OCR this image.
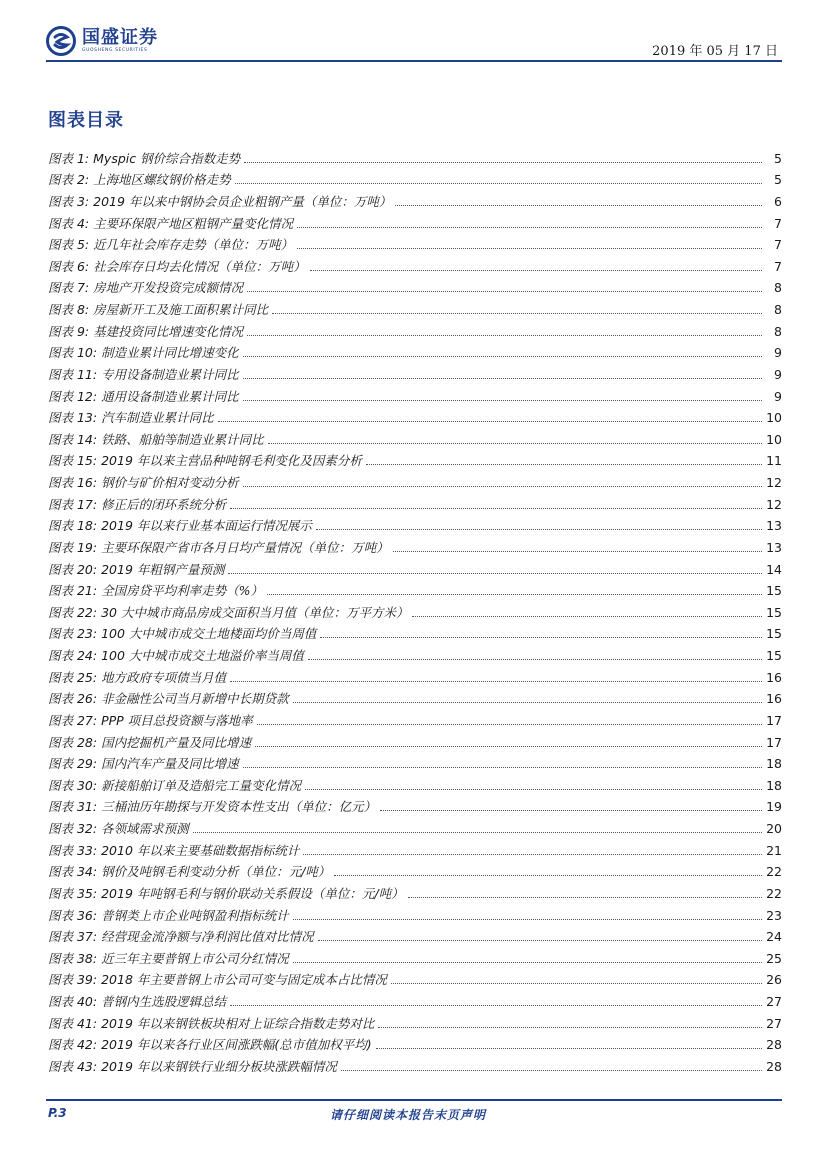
国盛证券
GUOSHENG SECURITIES	2019 年 05 月 17 日
图表目录
图表 1: Myspic 钢价综合指数走势	5
图表 2: 上海地区螺纹钢价格走势	5
图表 3: 2019 年以来中钢协会员企业粗钢产量（单位：万吨）	6
图表 4: 主要环保限产地区粗钢产量变化情况	7
图表 5: 近几年社会库存走势（单位：万吨）	7
图表 6: 社会库存日均去化情况（单位：万吨）	7
图表 7: 房地产开发投资完成额情况	8
图表 8: 房屋新开工及施工面积累计同比	8
图表 9: 基建投资同比增速变化情况	8
图表 10: 制造业累计同比增速变化	9
图表 11: 专用设备制造业累计同比	9
图表 12: 通用设备制造业累计同比	9
图表 13: 汽车制造业累计同比	10
图表 14: 铁路、船舶等制造业累计同比	10
图表 15: 2019 年以来主营品种吨钢毛利变化及因素分析	11
图表 16: 钢价与矿价相对变动分析	12
图表 17: 修正后的闭环系统分析	12
图表 18: 2019 年以来行业基本面运行情况展示	13
图表 19: 主要环保限产省市各月日均产量情况（单位：万吨）	13
图表 20: 2019 年粗钢产量预测	14
图表 21: 全国房贷平均利率走势（%）	15
图表 22: 30 大中城市商品房成交面积当月值（单位：万平方米）	15
图表 23: 100 大中城市成交土地楼面均价当周值	15
图表 24: 100 大中城市成交土地溢价率当周值	15
图表 25: 地方政府专项债当月值	16
图表 26: 非金融性公司当月新增中长期贷款	16
图表 27: PPP 项目总投资额与落地率	17
图表 28: 国内挖掘机产量及同比增速	17
图表 29: 国内汽车产量及同比增速	18
图表 30: 新接船舶订单及造船完工量变化情况	18
图表 31: 三桶油历年勘探与开发资本性支出（单位：亿元）	19
图表 32: 各领域需求预测	20
图表 33: 2010 年以来主要基础数据指标统计	21
图表 34: 钢价及吨钢毛利变动分析（单位：元/吨）	22
图表 35: 2019 年吨钢毛利与钢价联动关系假设（单位：元/吨）	22
图表 36: 普钢类上市企业吨钢盈利指标统计	23
图表 37: 经营现金流净额与净利润比值对比情况	24
图表 38: 近三年主要普钢上市公司分红情况	25
图表 39: 2018 年主要普钢上市公司可变与固定成本占比情况	26
图表 40: 普钢内生选股逻辑总结	27
图表 41: 2019 年以来钢铁板块相对上证综合指数走势对比	27
图表 42: 2019 年以来各行业区间涨跌幅(总市值加权平均)	28
图表 43: 2019 年以来钢铁行业细分板块涨跌幅情况	28
P.3	请仔细阅读本报告末页声明
